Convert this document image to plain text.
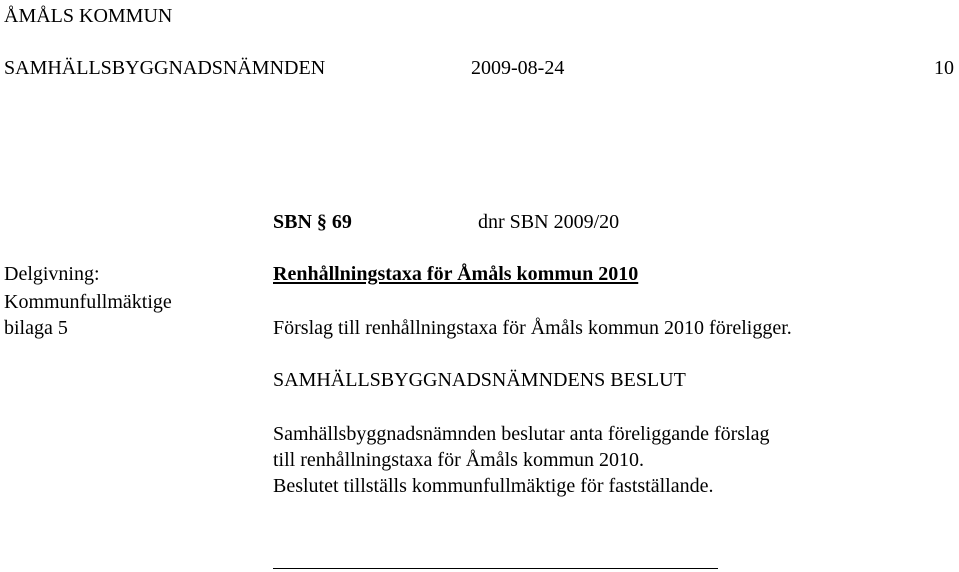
ÅMÅLS KOMMUN
SAMHÄLLSBYGGNADSNÄMNDEN	2009-08-24	10
SBN § 69	dnr SBN 2009/20
Delgivning:
Kommunfullmäktige
bilaga 5
Renhållningstaxa för Åmåls kommun 2010
Förslag till renhållningstaxa för Åmåls kommun 2010 föreligger.
SAMHÄLLSBYGGNADSNÄMNDENS BESLUT
Samhällsbyggnadsnämnden beslutar anta föreliggande förslag
till renhållningstaxa för Åmåls kommun 2010.
Beslutet tillställs kommunfullmäktige för fastställande.
